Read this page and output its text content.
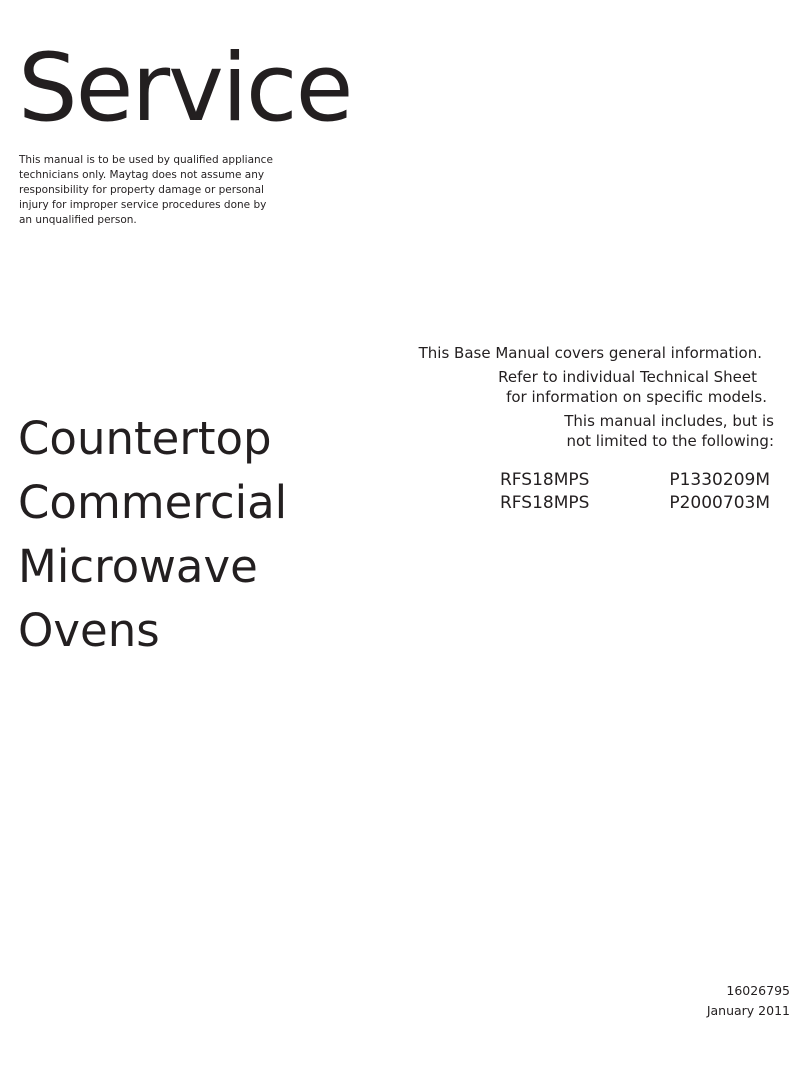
Service
This manual is to be used by qualified appliance technicians only. Maytag does not assume any responsibility for property damage or personal injury for improper service procedures done by an unqualified person.
Countertop
Commercial
Microwave
Ovens
This Base Manual covers general information.
Refer to individual Technical Sheet
for information on specific models.
This manual includes, but is
not limited to the following:
RFS18MPS	P1330209M
RFS18MPS	P2000703M
16026795
January 2011
